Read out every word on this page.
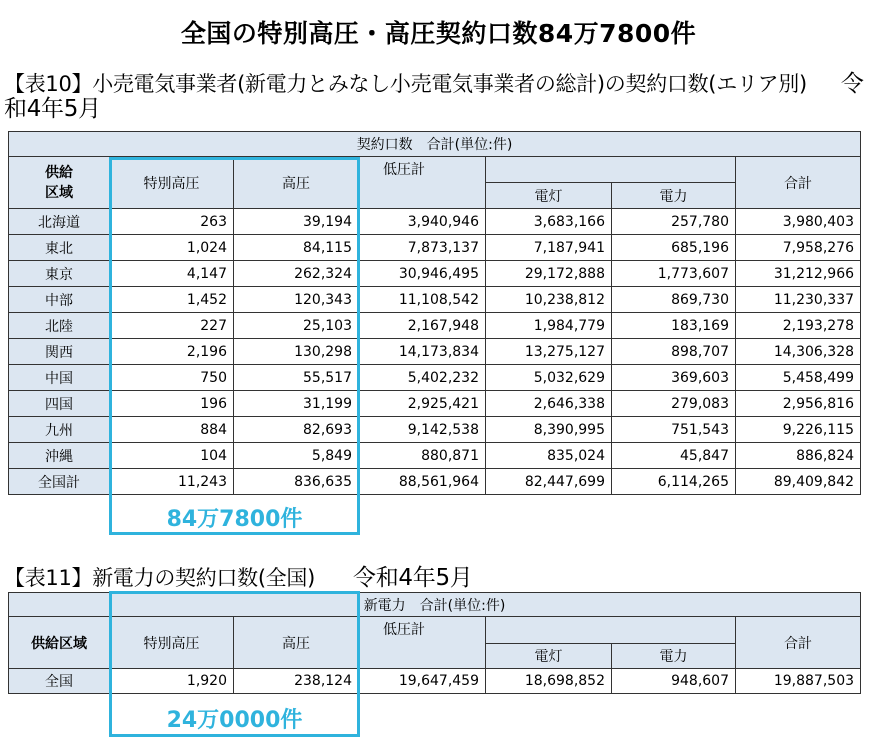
全国の特別高圧・高圧契約口数84万7800件
【表10】小売電気事業者(新電力とみなし小売電気事業者の総計)の契約口数(エリア別) 令和4年5月
契約口数　合計(単位:件)						
供給
区域	特別高圧	高圧	低圧計			合計
				電灯	電力	
北海道	263	39,194	3,940,946	3,683,166	257,780	3,980,403
東北	1,024	84,115	7,873,137	7,187,941	685,196	7,958,276
東京	4,147	262,324	30,946,495	29,172,888	1,773,607	31,212,966
中部	1,452	120,343	11,108,542	10,238,812	869,730	11,230,337
北陸	227	25,103	2,167,948	1,984,779	183,169	2,193,278
関西	2,196	130,298	14,173,834	13,275,127	898,707	14,306,328
中国	750	55,517	5,402,232	5,032,629	369,603	5,458,499
四国	196	31,199	2,925,421	2,646,338	279,083	2,956,816
九州	884	82,693	9,142,538	8,390,995	751,543	9,226,115
沖縄	104	5,849	880,871	835,024	45,847	886,824
全国計	11,243	836,635	88,561,964	82,447,699	6,114,265	89,409,842
84万7800件
【表11】新電力の契約口数(全国) 令和4年5月
新電力　合計(単位:件)						
供給区域	特別高圧	高圧	低圧計			合計
				電灯	電力	
全国	1,920	238,124	19,647,459	18,698,852	948,607	19,887,503
24万0000件
